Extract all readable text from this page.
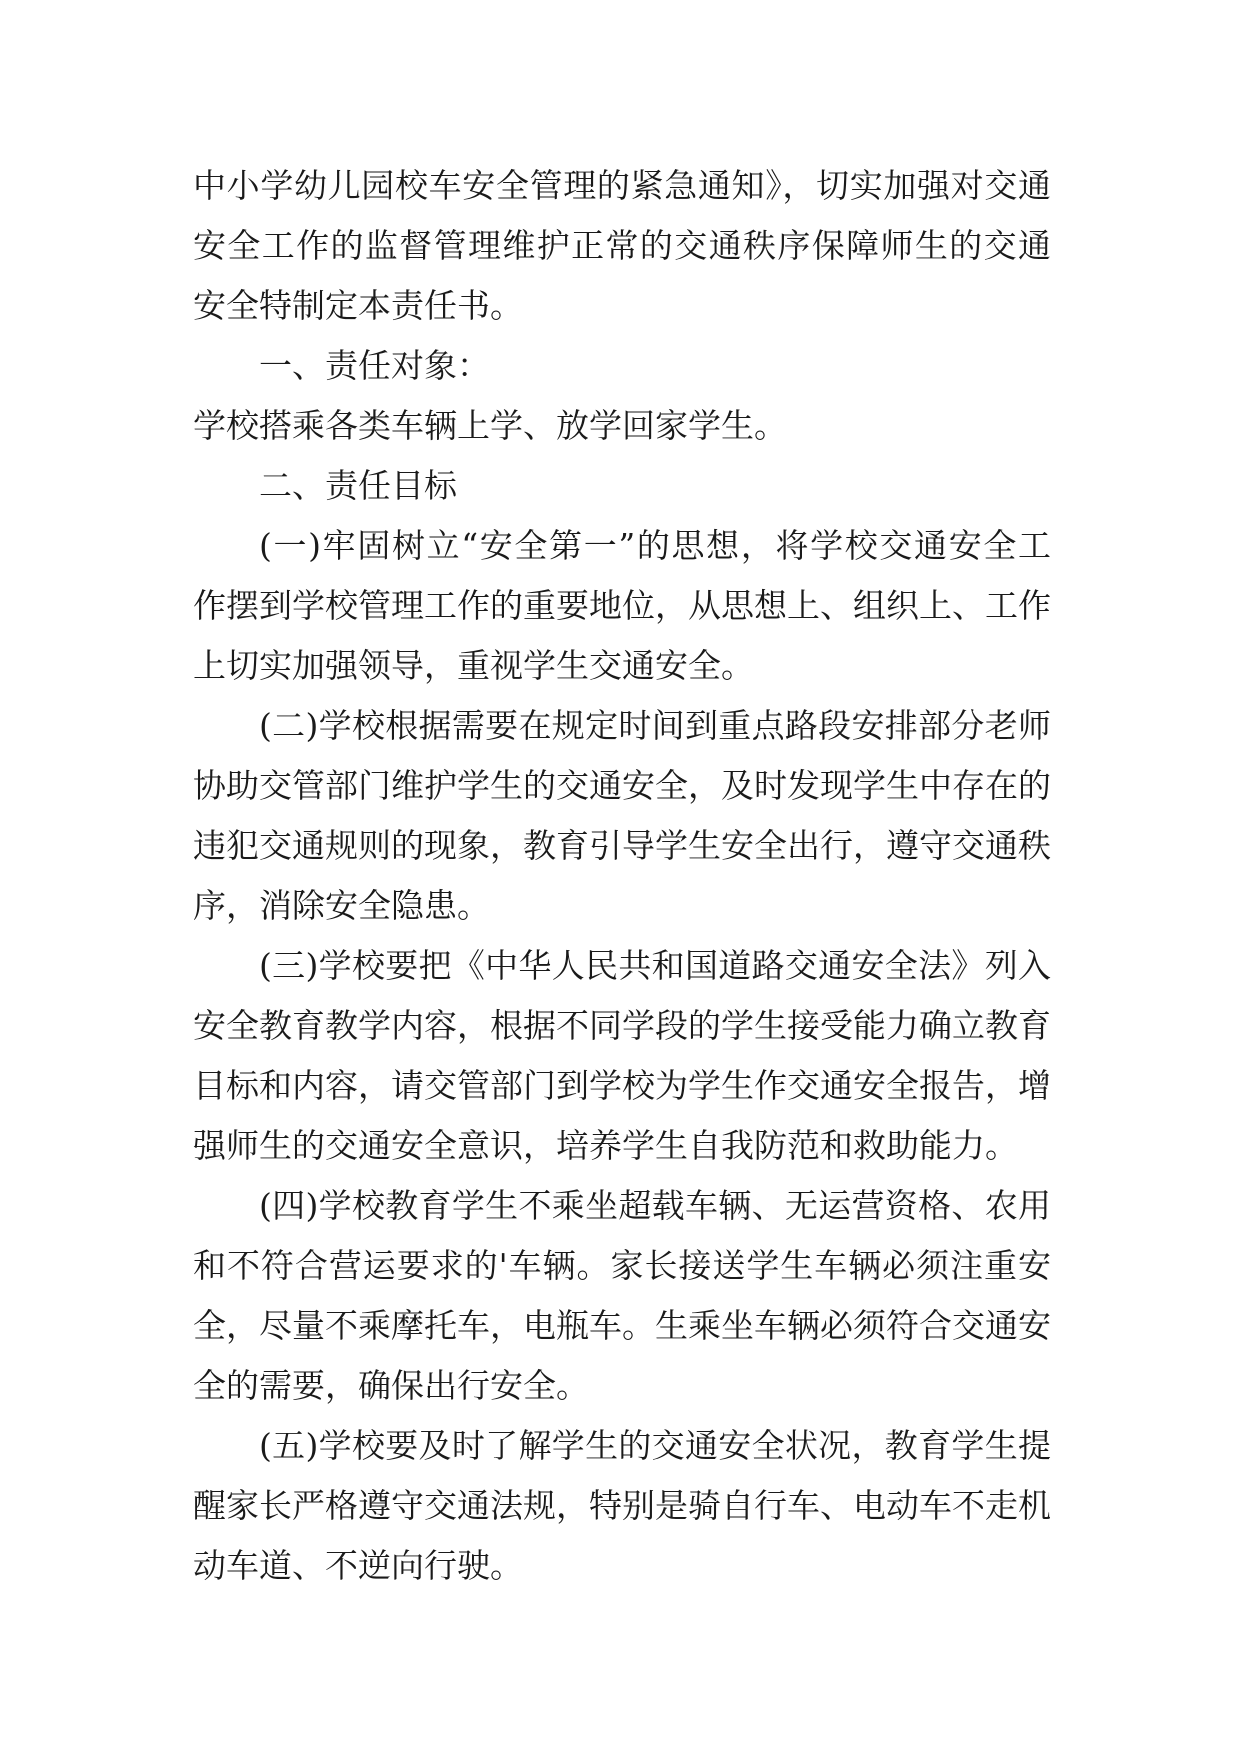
中小学幼儿园校车安全管理的紧急通知》，切实加强对交通
安全工作的监督管理维护正常的交通秩序保障师生的交通
安全特制定本责任书。
一、责任对象：
学校搭乘各类车辆上学、放学回家学生。
二、责任目标
(一)牢固树立“安全第一”的思想，将学校交通安全工
作摆到学校管理工作的重要地位，从思想上、组织上、工作
上切实加强领导，重视学生交通安全。
(二)学校根据需要在规定时间到重点路段安排部分老师
协助交管部门维护学生的交通安全，及时发现学生中存在的
违犯交通规则的现象，教育引导学生安全出行，遵守交通秩
序，消除安全隐患。
(三)学校要把《中华人民共和国道路交通安全法》列入
安全教育教学内容，根据不同学段的学生接受能力确立教育
目标和内容，请交管部门到学校为学生作交通安全报告，增
强师生的交通安全意识，培养学生自我防范和救助能力。
(四)学校教育学生不乘坐超载车辆、无运营资格、农用
和不符合营运要求的'车辆。家长接送学生车辆必须注重安
全，尽量不乘摩托车，电瓶车。生乘坐车辆必须符合交通安
全的需要，确保出行安全。
(五)学校要及时了解学生的交通安全状况，教育学生提
醒家长严格遵守交通法规，特别是骑自行车、电动车不走机
动车道、不逆向行驶。
